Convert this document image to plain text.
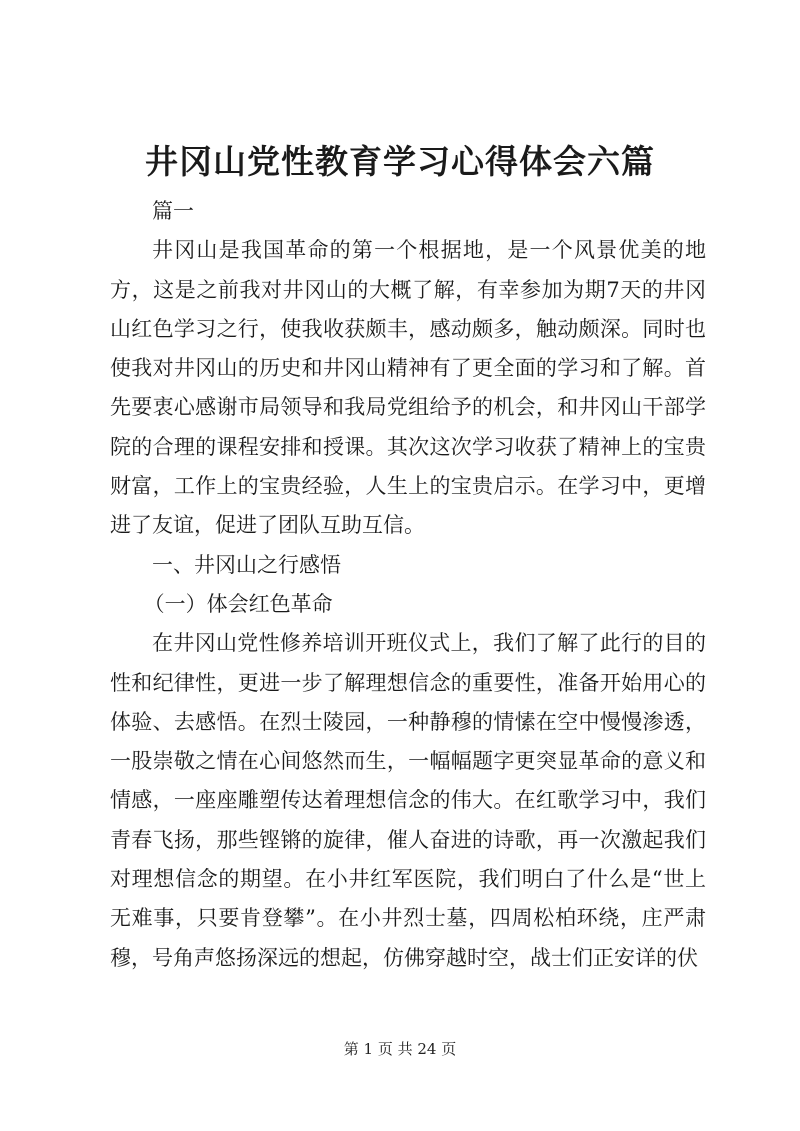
井冈山党性教育学习心得体会六篇

篇一

井冈山是我国革命的第一个根据地，是一个风景优美的地方，这是之前我对井冈山的大概了解，有幸参加为期7天的井冈山红色学习之行，使我收获颇丰，感动颇多，触动颇深。同时也使我对井冈山的历史和井冈山精神有了更全面的学习和了解。首先要衷心感谢市局领导和我局党组给予的机会，和井冈山干部学院的合理的课程安排和授课。其次这次学习收获了精神上的宝贵财富，工作上的宝贵经验，人生上的宝贵启示。在学习中，更增进了友谊，促进了团队互助互信。

一、井冈山之行感悟

（一）体会红色革命

在井冈山党性修养培训开班仪式上，我们了解了此行的目的性和纪律性，更进一步了解理想信念的重要性，准备开始用心的体验、去感悟。在烈士陵园，一种静穆的情愫在空中慢慢渗透，一股崇敬之情在心间悠然而生，一幅幅题字更突显革命的意义和情感，一座座雕塑传达着理想信念的伟大。在红歌学习中，我们青春飞扬，那些铿锵的旋律，催人奋进的诗歌，再一次激起我们对理想信念的期望。在小井红军医院，我们明白了什么是“世上无难事，只要肯登攀”。在小井烈士墓，四周松柏环绕，庄严肃穆，号角声悠扬深远的想起，仿佛穿越时空，战士们正安详的伏

第 1 页 共 24 页
